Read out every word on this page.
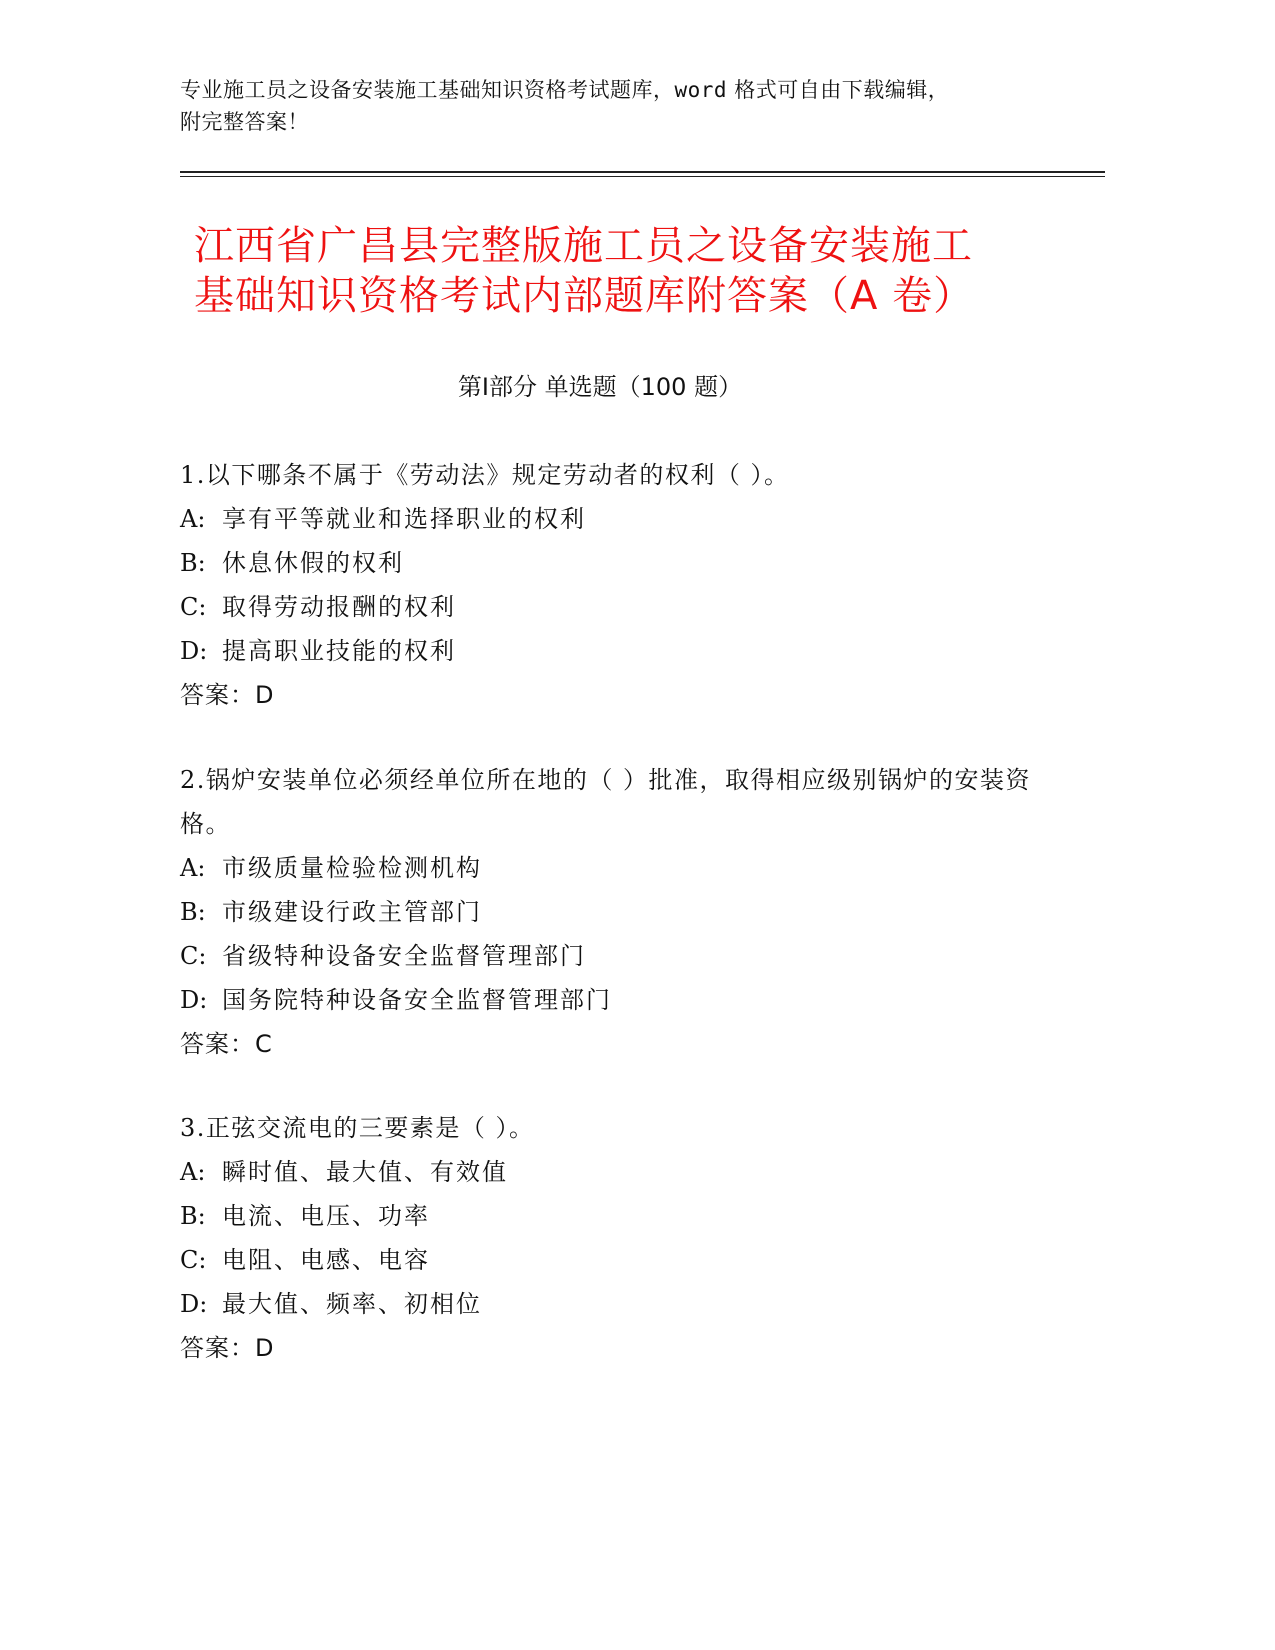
专业施工员之设备安装施工基础知识资格考试题库，word 格式可自由下载编辑，
附完整答案！
江西省广昌县完整版施工员之设备安装施工
基础知识资格考试内部题库附答案（A 卷）
第Ⅰ部分 单选题（100 题）

1.以下哪条不属于《劳动法》规定劳动者的权利（ ）。

A: 享有平等就业和选择职业的权利

B: 休息休假的权利

C: 取得劳动报酬的权利

D: 提高职业技能的权利

答案：D

2.锅炉安装单位必须经单位所在地的（ ）批准，取得相应级别锅炉的安装资格。

A: 市级质量检验检测机构

B: 市级建设行政主管部门

C: 省级特种设备安全监督管理部门

D: 国务院特种设备安全监督管理部门

答案：C

3.正弦交流电的三要素是（ ）。

A: 瞬时值、最大值、有效值

B: 电流、电压、功率

C: 电阻、电感、电容

D: 最大值、频率、初相位

答案：D
